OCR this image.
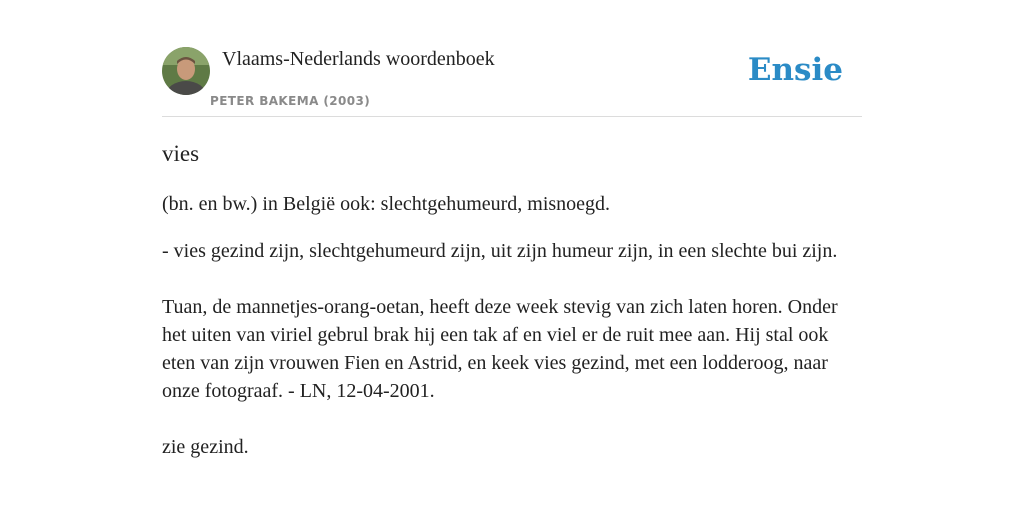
Vlaams-Nederlands woordenboek
PETER BAKEMA (2003)
Ensie
vies

(bn. en bw.) in België ook: slechtgehumeurd, misnoegd.

- vies gezind zijn, slechtgehumeurd zijn, uit zijn humeur zijn, in een slechte bui zijn.

Tuan, de mannetjes-orang-oetan, heeft deze week stevig van zich laten horen. Onder het uiten van viriel gebrul brak hij een tak af en viel er de ruit mee aan. Hij stal ook eten van zijn vrouwen Fien en Astrid, en keek vies gezind, met een lodderoog, naar onze fotograaf. - LN, 12-04-2001.

zie gezind.
